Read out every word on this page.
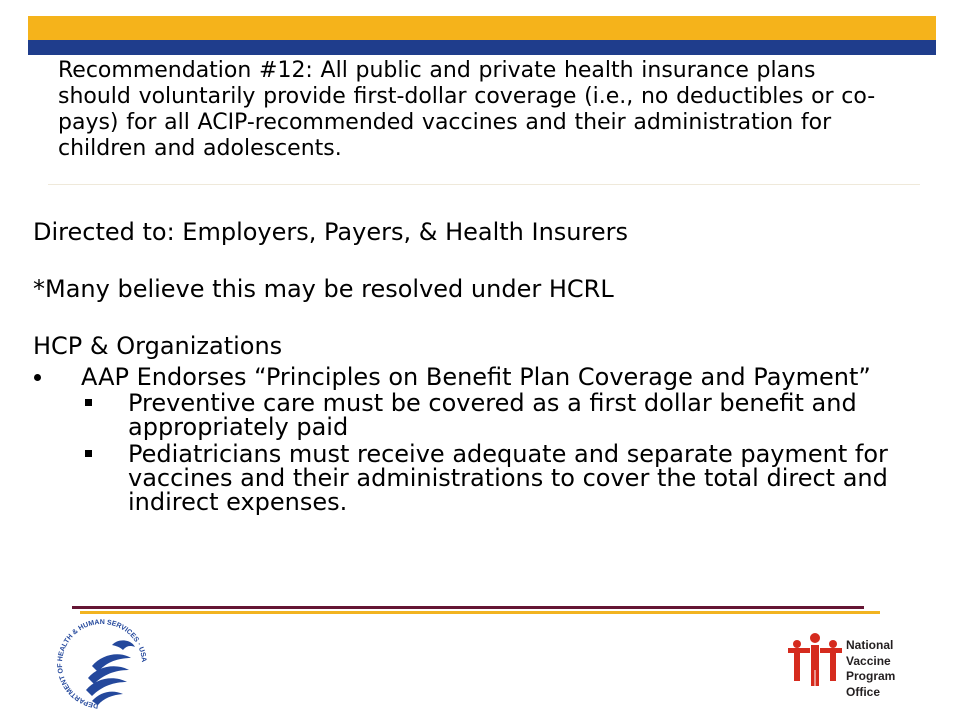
Recommendation #12: All public and private health insurance plans
should voluntarily provide first-dollar coverage (i.e., no deductibles or co-
pays) for all ACIP-recommended vaccines and their administration for
children and adolescents.
Directed to: Employers, Payers, & Health Insurers
*Many believe this may be resolved under HCRL
HCP & Organizations
AAP Endorses “Principles on Benefit Plan Coverage and Payment”
Preventive care must be covered as a first dollar benefit and
appropriately paid
Pediatricians must receive adequate and separate payment for
vaccines and their administrations to cover the total direct and
indirect expenses.
DEPARTMENT OF HEALTH & HUMAN SERVICES · USA
National
Vaccine
Program
Office
